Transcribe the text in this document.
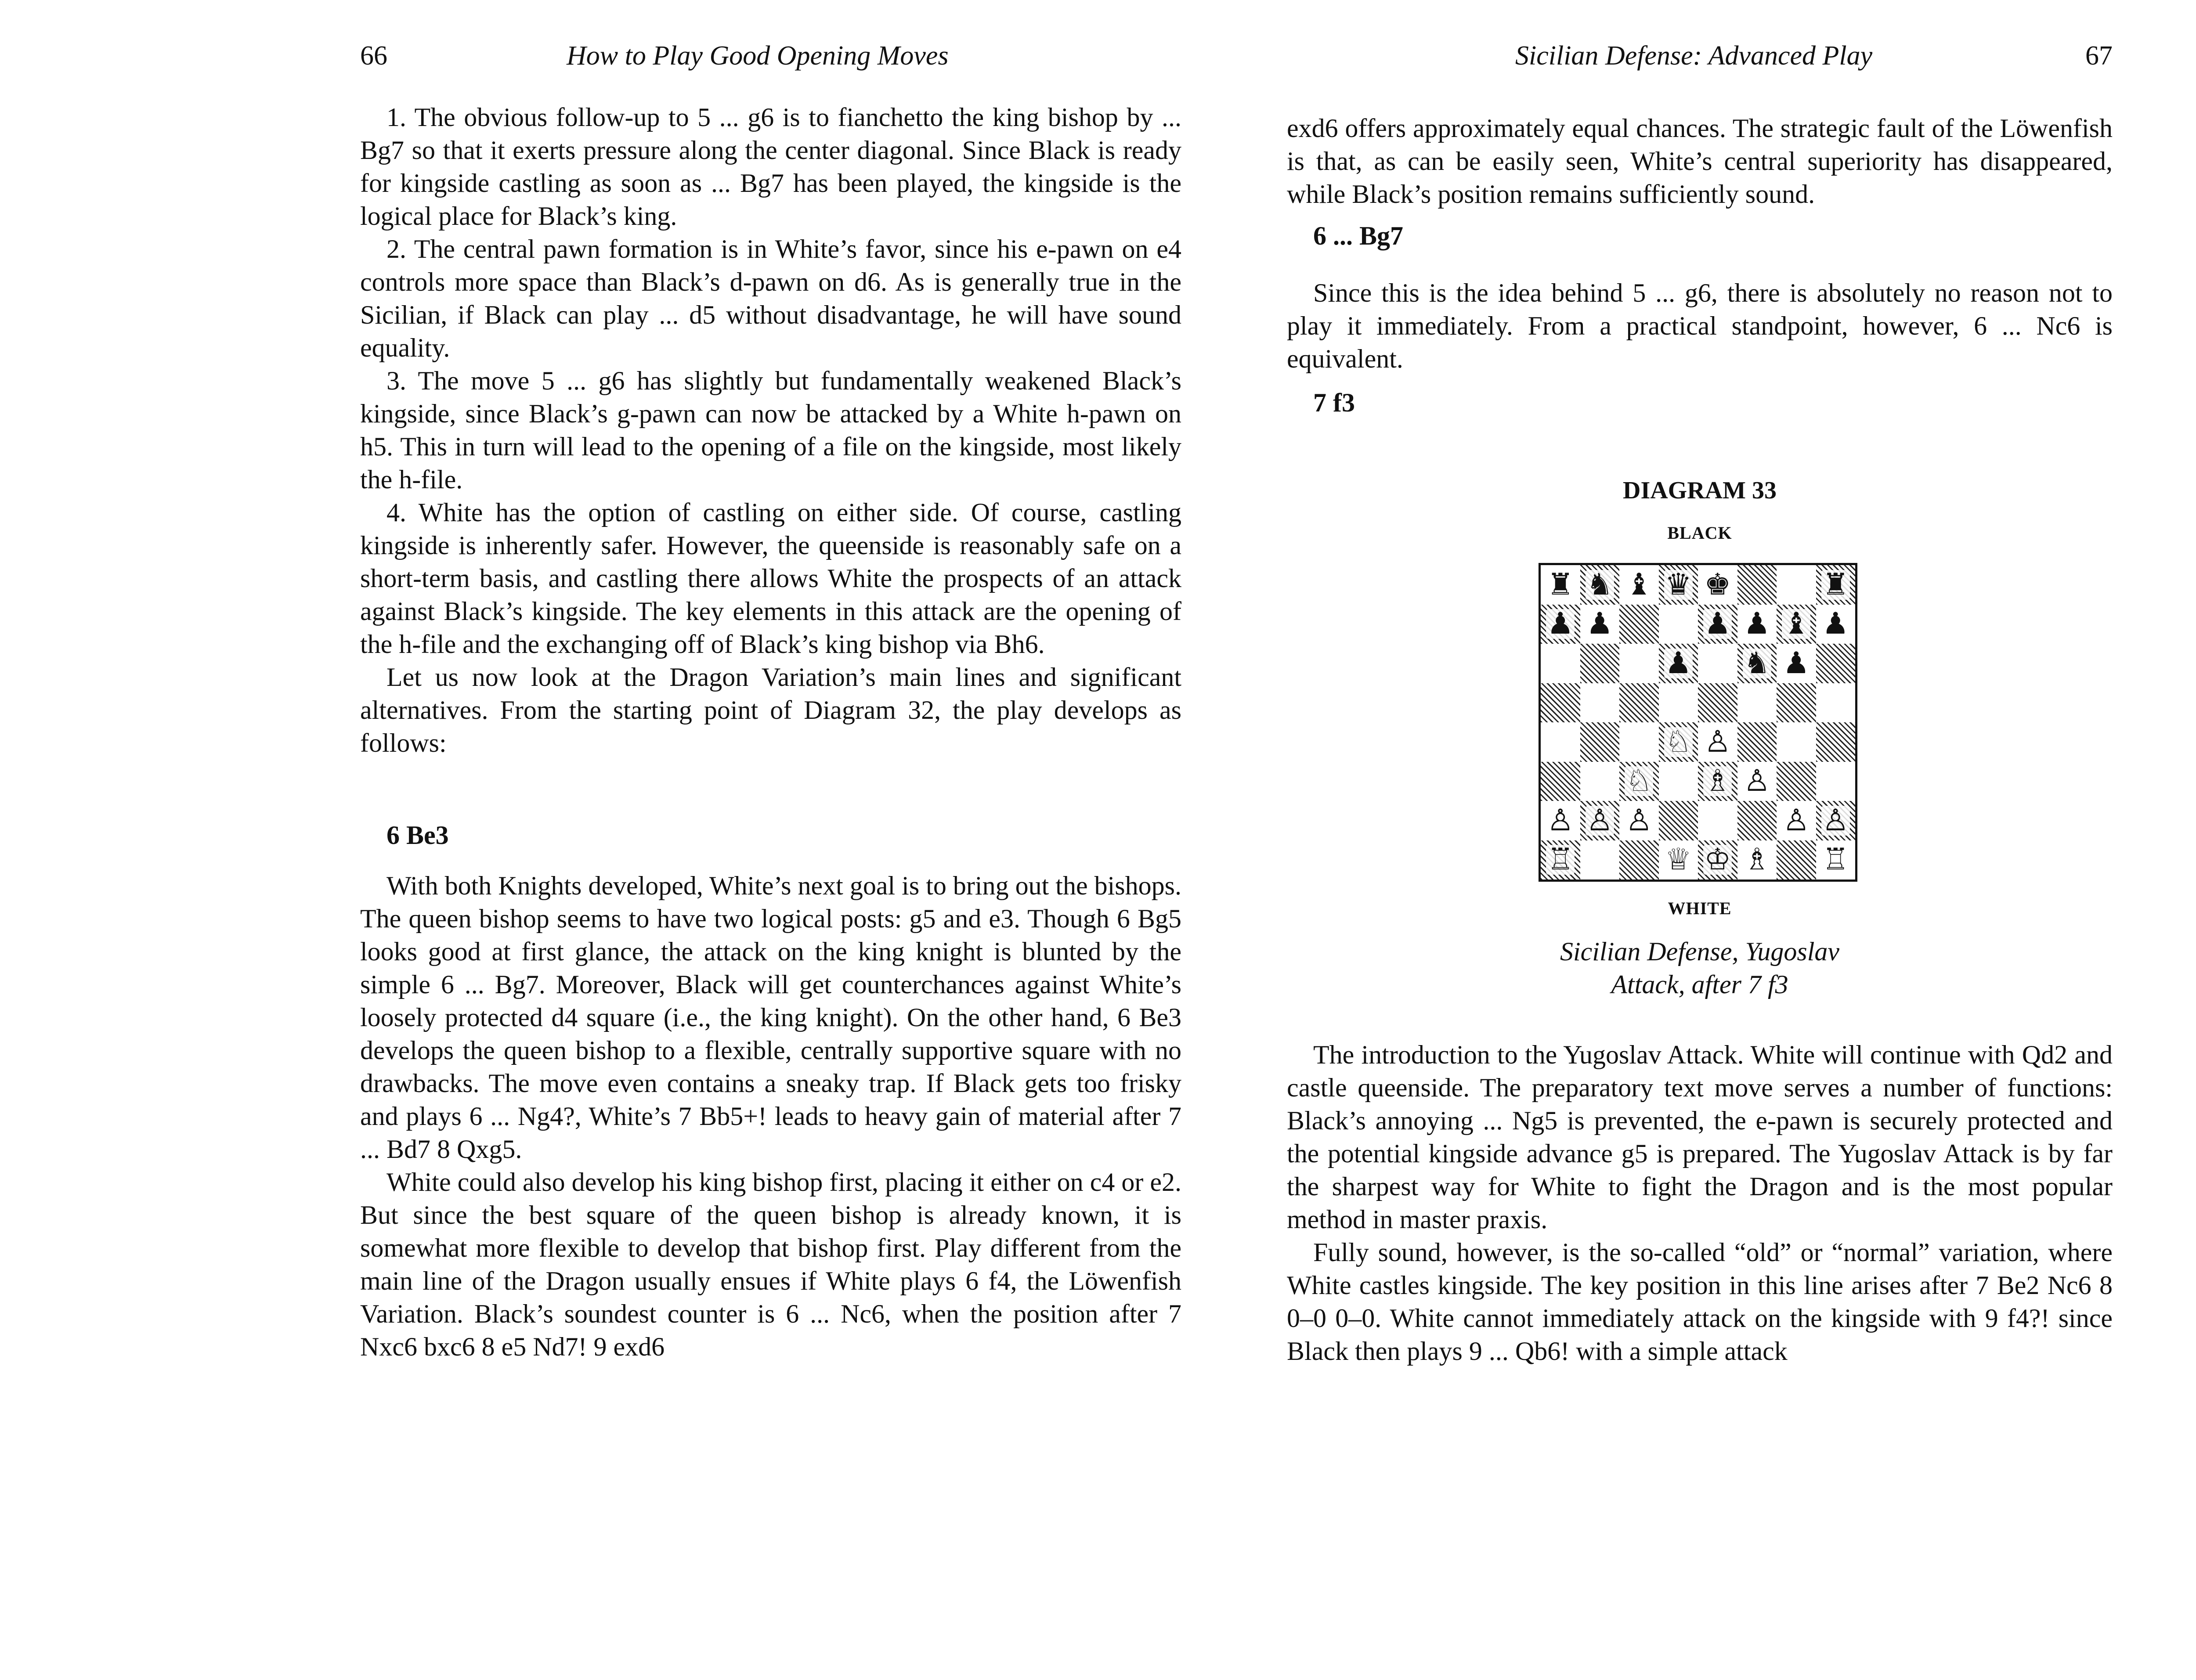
66	How to Play Good Opening Moves

1. The obvious follow-up to 5 ... g6 is to fianchetto the king bishop by ... Bg7 so that it exerts pressure along the center diagonal. Since Black is ready for kingside castling as soon as ... Bg7 has been played, the kingside is the logical place for Black’s king.

2. The central pawn formation is in White’s favor, since his e-pawn on e4 controls more space than Black’s d-pawn on d6. As is generally true in the Sicilian, if Black can play ... d5 without disadvantage, he will have sound equality.

3. The move 5 ... g6 has slightly but fundamentally weakened Black’s kingside, since Black’s g-pawn can now be attacked by a White h-pawn on h5. This in turn will lead to the opening of a file on the kingside, most likely the h-file.

4. White has the option of castling on either side. Of course, castling kingside is inherently safer. However, the queenside is reasonably safe on a short-term basis, and castling there allows White the prospects of an attack against Black’s kingside. The key elements in this attack are the opening of the h-file and the exchanging off of Black’s king bishop via Bh6.

Let us now look at the Dragon Variation’s main lines and significant alternatives. From the starting point of Diagram 32, the play develops as follows:

6 Be3

With both Knights developed, White’s next goal is to bring out the bishops. The queen bishop seems to have two logical posts: g5 and e3. Though 6 Bg5 looks good at first glance, the attack on the king knight is blunted by the simple 6 ... Bg7. Moreover, Black will get counterchances against White’s loosely protected d4 square (i.e., the king knight). On the other hand, 6 Be3 develops the queen bishop to a flexible, centrally supportive square with no drawbacks. The move even contains a sneaky trap. If Black gets too frisky and plays 6 ... Ng4?, White’s 7 Bb5+! leads to heavy gain of material after 7 ... Bd7 8 Qxg5.

White could also develop his king bishop first, placing it either on c4 or e2. But since the best square of the queen bishop is already known, it is somewhat more flexible to develop that bishop first. Play different from the main line of the Dragon usually ensues if White plays 6 f4, the Löwenfish Variation. Black’s soundest counter is 6 ... Nc6, when the position after 7 Nxc6 bxc6 8 e5 Nd7! 9 exd6

Sicilian Defense: Advanced Play	67

exd6 offers approximately equal chances. The strategic fault of the Löwenfish is that, as can be easily seen, White’s central superiority has disappeared, while Black’s position remains sufficiently sound.

6 ... Bg7

Since this is the idea behind 5 ... g6, there is absolutely no reason not to play it immediately. From a practical standpoint, however, 6 ... Nc6 is equivalent.

7 f3
DIAGRAM 33
BLACK
♜ ♞ ♝ ♛ ♚	♜
♟ ♟	♟ ♟ ♝ ♟
♟ ♞ ♟
♘ ♙
♘ ♗ ♙
♙ ♙ ♙	♙ ♙
♖	♕ ♔ ♗ ♖
WHITE
Sicilian Defense, Yugoslav
Attack, after 7 f3

The introduction to the Yugoslav Attack. White will continue with Qd2 and castle queenside. The preparatory text move serves a number of functions: Black’s annoying ... Ng5 is prevented, the e-pawn is securely protected and the potential kingside advance g5 is prepared. The Yugoslav Attack is by far the sharpest way for White to fight the Dragon and is the most popular method in master praxis.

Fully sound, however, is the so-called “old” or “normal” variation, where White castles kingside. The key position in this line arises after 7 Be2 Nc6 8 0–0 0–0. White cannot immediately attack on the kingside with 9 f4?! since Black then plays 9 ... Qb6! with a simple attack
